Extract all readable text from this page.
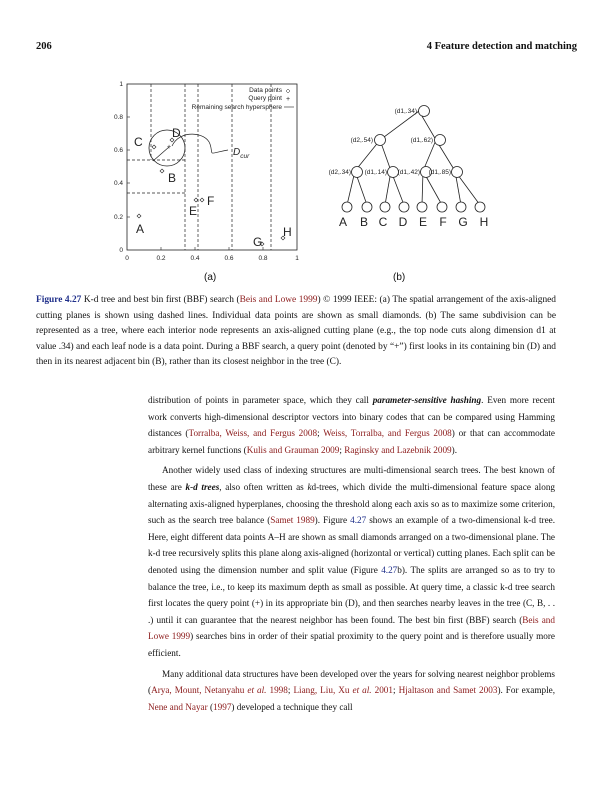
206	4 Feature detection and matching
1
0.8
0.6
0.4
0.2
0
0	0.2	0.4	0.6	0.8	1
+
A
B
C
D
E
F
G
H
$D_{cur}$
Data points
Query point
Remaining search hypersphere
+
(a)
(d1,.34)
(d2,.54)	(d1,.62)
(d2,.34) (d1,.14) (d1,.42) (d1,.85)
A B C D E F G H
(b)
Figure 4.27 K-d tree and best bin first (BBF) search (Beis and Lowe 1999) © 1999 IEEE: (a) The spatial arrangement of the axis-aligned cutting planes is shown using dashed lines. Individual data points are shown as small diamonds. (b) The same subdivision can be represented as a tree, where each interior node represents an axis-aligned cutting plane (e.g., the top node cuts along dimension d1 at value .34) and each leaf node is a data point. During a BBF search, a query point (denoted by “+”) first looks in its containing bin (D) and then in its nearest adjacent bin (B), rather than its closest neighbor in the tree (C).

distribution of points in parameter space, which they call parameter-sensitive hashing. Even more recent work converts high-dimensional descriptor vectors into binary codes that can be compared using Hamming distances (Torralba, Weiss, and Fergus 2008; Weiss, Torralba, and Fergus 2008) or that can accommodate arbitrary kernel functions (Kulis and Grauman 2009; Raginsky and Lazebnik 2009).

Another widely used class of indexing structures are multi-dimensional search trees. The best known of these are k-d trees, also often written as kd-trees, which divide the multi-dimensional feature space along alternating axis-aligned hyperplanes, choosing the threshold along each axis so as to maximize some criterion, such as the search tree balance (Samet 1989). Figure 4.27 shows an example of a two-dimensional k-d tree. Here, eight different data points A–H are shown as small diamonds arranged on a two-dimensional plane. The k-d tree recursively splits this plane along axis-aligned (horizontal or vertical) cutting planes. Each split can be denoted using the dimension number and split value (Figure 4.27b). The splits are arranged so as to try to balance the tree, i.e., to keep its maximum depth as small as possible. At query time, a classic k-d tree search first locates the query point (+) in its appropriate bin (D), and then searches nearby leaves in the tree (C, B, . . .) until it can guarantee that the nearest neighbor has been found. The best bin first (BBF) search (Beis and Lowe 1999) searches bins in order of their spatial proximity to the query point and is therefore usually more efficient.

Many additional data structures have been developed over the years for solving nearest neighbor problems (Arya, Mount, Netanyahu et al. 1998; Liang, Liu, Xu et al. 2001; Hjaltason and Samet 2003). For example, Nene and Nayar (1997) developed a technique they call
